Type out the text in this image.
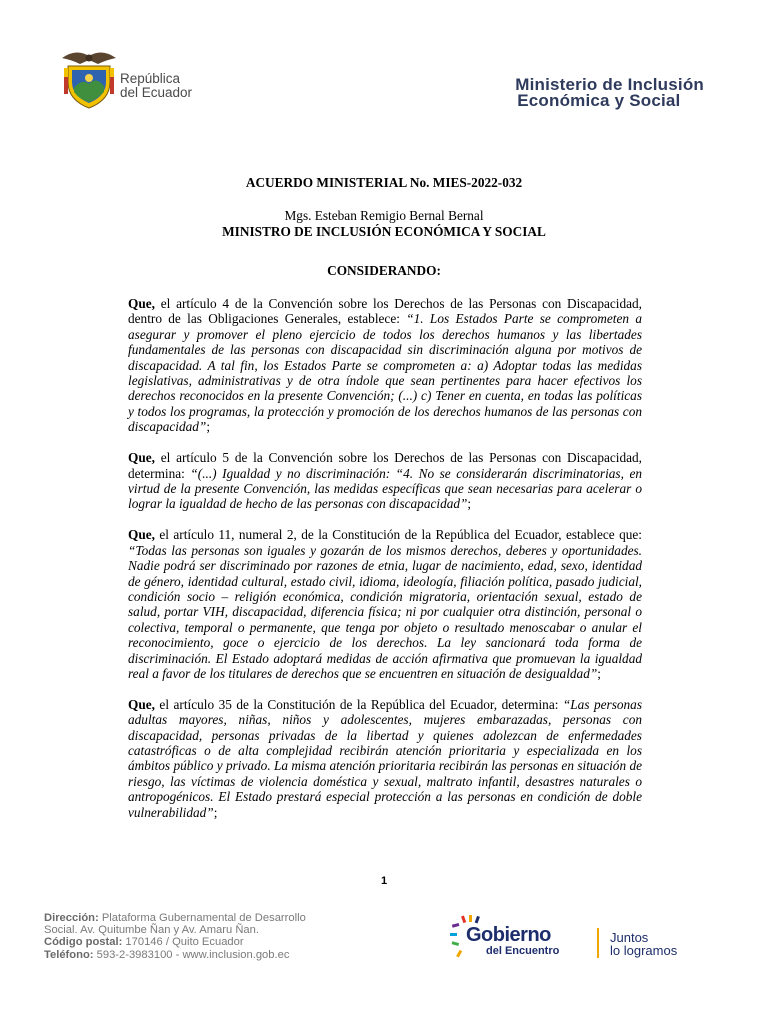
República
del Ecuador	Ministerio de Inclusión
Económica y Social
ACUERDO MINISTERIAL No. MIES-2022-032
Mgs. Esteban Remigio Bernal Bernal
MINISTRO DE INCLUSIÓN ECONÓMICA Y SOCIAL
CONSIDERANDO:

Que, el artículo 4 de la Convención sobre los Derechos de las Personas con Discapacidad, dentro de las Obligaciones Generales, establece: “1. Los Estados Parte se comprometen a asegurar y promover el pleno ejercicio de todos los derechos humanos y las libertades fundamentales de las personas con discapacidad sin discriminación alguna por motivos de discapacidad. A tal fin, los Estados Parte se comprometen a: a) Adoptar todas las medidas legislativas, administrativas y de otra índole que sean pertinentes para hacer efectivos los derechos reconocidos en la presente Convención; (...) c) Tener en cuenta, en todas las políticas y todos los programas, la protección y promoción de los derechos humanos de las personas con discapacidad”;

Que, el artículo 5 de la Convención sobre los Derechos de las Personas con Discapacidad, determina: “(...) Igualdad y no discriminación: “4. No se considerarán discriminatorias, en virtud de la presente Convención, las medidas específicas que sean necesarias para acelerar o lograr la igualdad de hecho de las personas con discapacidad”;

Que, el artículo 11, numeral 2, de la Constitución de la República del Ecuador, establece que: “Todas las personas son iguales y gozarán de los mismos derechos, deberes y oportunidades. Nadie podrá ser discriminado por razones de etnia, lugar de nacimiento, edad, sexo, identidad de género, identidad cultural, estado civil, idioma, ideología, filiación política, pasado judicial, condición socio – religión económica, condición migratoria, orientación sexual, estado de salud, portar VIH, discapacidad, diferencia física; ni por cualquier otra distinción, personal o colectiva, temporal o permanente, que tenga por objeto o resultado menoscabar o anular el reconocimiento, goce o ejercicio de los derechos. La ley sancionará toda forma de discriminación. El Estado adoptará medidas de acción afirmativa que promuevan la igualdad real a favor de los titulares de derechos que se encuentren en situación de desigualdad”;

Que, el artículo 35 de la Constitución de la República del Ecuador, determina: “Las personas adultas mayores, niñas, niños y adolescentes, mujeres embarazadas, personas con discapacidad, personas privadas de la libertad y quienes adolezcan de enfermedades catastróficas o de alta complejidad recibirán atención prioritaria y especializada en los ámbitos público y privado. La misma atención prioritaria recibirán las personas en situación de riesgo, las víctimas de violencia doméstica y sexual, maltrato infantil, desastres naturales o antropogénicos. El Estado prestará especial protección a las personas en condición de doble vulnerabilidad”;

1
Dirección: Plataforma Gubernamental de Desarrollo
Social. Av. Quitumbe Ñan y Av. Amaru Ñan.
Código postal: 170146 / Quito Ecuador
Teléfono: 593-2-3983100 - www.inclusion.gob.ec
Gobierno
del Encuentro
Juntos
lo logramos
